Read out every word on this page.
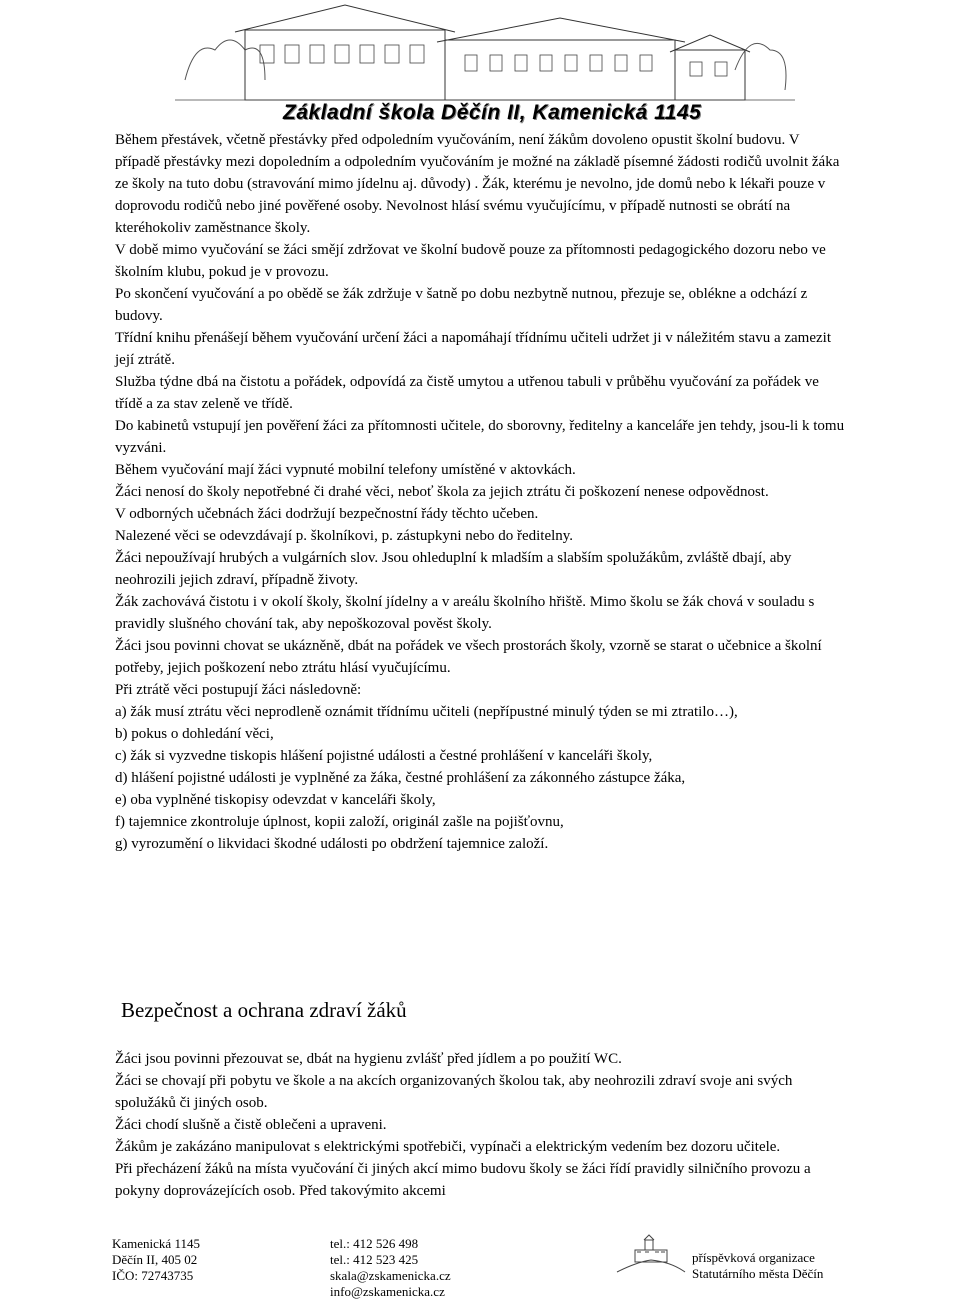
Základní škola Děčín II, Kamenická 1145

Během přestávek, včetně přestávky před odpoledním vyučováním, není žákům dovoleno opustit školní budovu. V případě přestávky mezi dopoledním a odpoledním vyučováním je možné na základě písemné žádosti rodičů uvolnit žáka ze školy na tuto dobu (stravování mimo jídelnu aj. důvody) . Žák, kterému je nevolno, jde domů nebo k lékaři pouze v doprovodu rodičů nebo jiné pověřené osoby. Nevolnost hlásí svému vyučujícímu, v případě nutnosti se obrátí na kteréhokoliv zaměstnance školy.

V době mimo vyučování se žáci smějí zdržovat ve školní budově pouze za přítomnosti pedagogického dozoru nebo ve školním klubu, pokud je v provozu.

Po skončení vyučování a po obědě se žák zdržuje v šatně po dobu nezbytně nutnou, přezuje se, oblékne a odchází z budovy.

Třídní knihu přenášejí během vyučování určení žáci a napomáhají třídnímu učiteli udržet ji v náležitém stavu a zamezit její ztrátě.

Služba týdne dbá na čistotu a pořádek, odpovídá za čistě umytou a utřenou tabuli v průběhu vyučování za pořádek ve třídě a za stav zeleně ve třídě.

Do kabinetů vstupují jen pověření žáci za přítomnosti učitele, do sborovny, ředitelny a kanceláře jen tehdy, jsou-li k tomu vyzváni.

Během vyučování mají žáci vypnuté mobilní telefony umístěné v aktovkách.

Žáci nenosí do školy nepotřebné či drahé věci, neboť škola za jejich ztrátu či poškození nenese odpovědnost.

V odborných učebnách žáci dodržují bezpečnostní řády těchto učeben.

Nalezené věci se odevzdávají p. školníkovi, p. zástupkyni nebo do ředitelny.

Žáci nepoužívají hrubých a vulgárních slov. Jsou ohleduplní k mladším a slabším spolužákům, zvláště dbají, aby neohrozili jejich zdraví, případně životy.

Žák zachovává čistotu i v okolí školy, školní jídelny a v areálu školního hřiště. Mimo školu se žák chová v souladu s pravidly slušného chování tak, aby nepoškozoval pověst školy.

Žáci jsou povinni chovat se ukázněně, dbát na pořádek ve všech prostorách školy, vzorně se starat o učebnice a školní potřeby, jejich poškození nebo ztrátu hlásí vyučujícímu.

Při ztrátě věci postupují žáci následovně:

a) žák musí ztrátu věci neprodleně oznámit třídnímu učiteli (nepřípustné minulý týden se mi ztratilo…),

b) pokus o dohledání věci,

c) žák si vyzvedne tiskopis hlášení pojistné události a čestné prohlášení v kanceláři školy,

d) hlášení pojistné události je vyplněné za žáka, čestné prohlášení za zákonného zástupce žáka,

e) oba vyplněné tiskopisy odevzdat v kanceláři školy,

f) tajemnice zkontroluje úplnost, kopii založí, originál zašle na pojišťovnu,

g) vyrozumění o likvidaci škodné události po obdržení tajemnice založí.

Bezpečnost a ochrana zdraví žáků

Žáci jsou povinni přezouvat se, dbát na hygienu zvlášť před jídlem a po použití WC.

Žáci se chovají při pobytu ve škole a na akcích organizovaných školou tak, aby neohrozili zdraví svoje ani svých spolužáků či jiných osob.

Žáci chodí slušně a čistě oblečeni a upraveni.

Žákům je zakázáno manipulovat s elektrickými spotřebiči, vypínači a elektrickým vedením bez dozoru učitele.

Při přecházení žáků na místa vyučování či jiných akcí mimo budovu školy se žáci řídí pravidly silničního provozu a pokyny doprovázejících osob. Před takovýmito akcemi

Kamenická 1145
Děčín II, 405 02
IČO: 72743735
tel.: 412 526 498
tel.: 412 523 425
skala@zskamenicka.cz
info@zskamenicka.cz
příspěvková organizace
Statutárního města Děčín
